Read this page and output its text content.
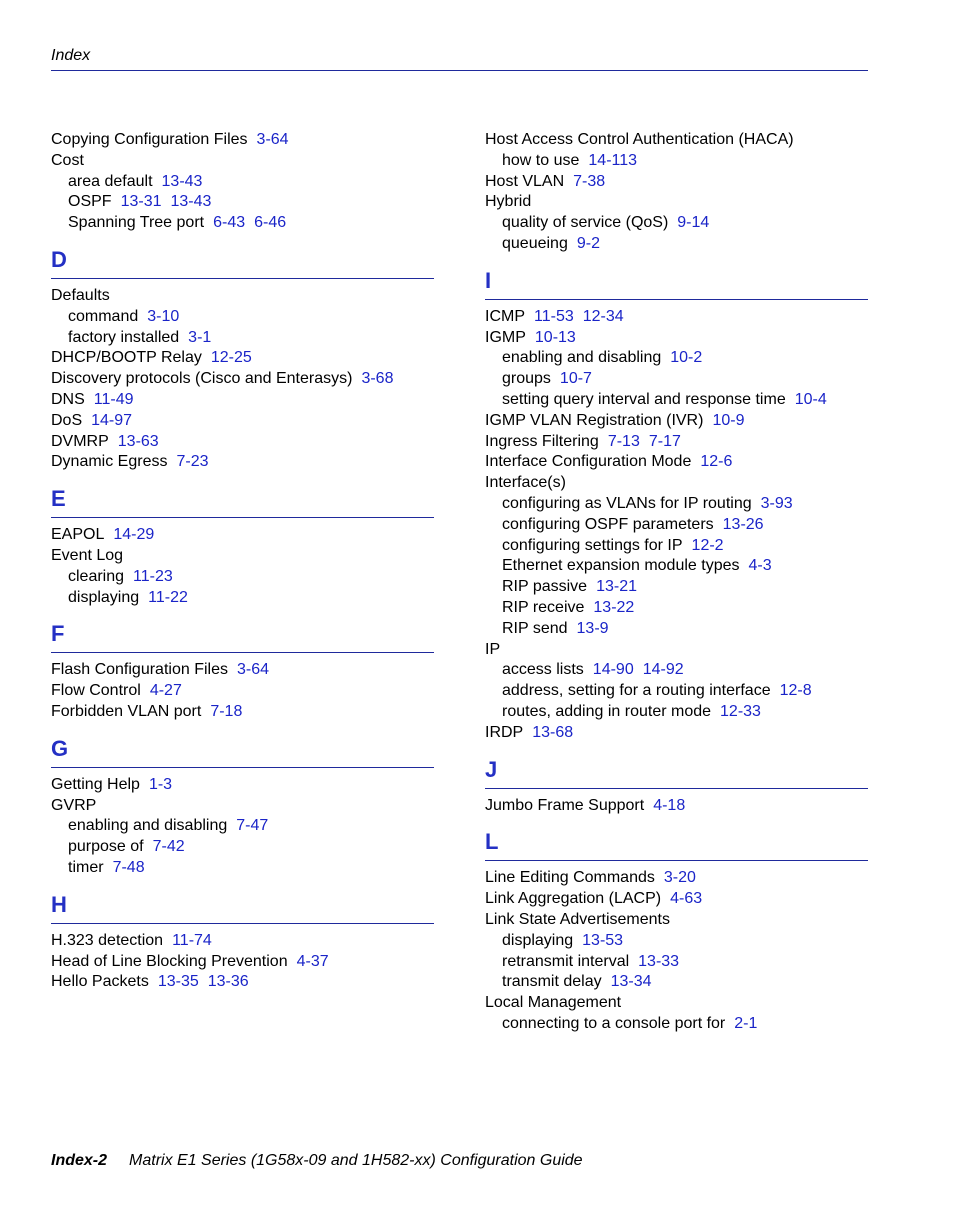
Index
Copying Configuration Files 3-64
Cost
area default 13-43
OSPF 13-31 13-43
Spanning Tree port 6-43 6-46
D
Defaults
command 3-10
factory installed 3-1
DHCP/BOOTP Relay 12-25
Discovery protocols (Cisco and Enterasys) 3-68
DNS 11-49
DoS 14-97
DVMRP 13-63
Dynamic Egress 7-23
E
EAPOL 14-29
Event Log
clearing 11-23
displaying 11-22
F
Flash Configuration Files 3-64
Flow Control 4-27
Forbidden VLAN port 7-18
G
Getting Help 1-3
GVRP
enabling and disabling 7-47
purpose of 7-42
timer 7-48
H
H.323 detection 11-74
Head of Line Blocking Prevention 4-37
Hello Packets 13-35 13-36
Host Access Control Authentication (HACA)
how to use 14-113
Host VLAN 7-38
Hybrid
quality of service (QoS) 9-14
queueing 9-2
I
ICMP 11-53 12-34
IGMP 10-13
enabling and disabling 10-2
groups 10-7
setting query interval and response time 10-4
IGMP VLAN Registration (IVR) 10-9
Ingress Filtering 7-13 7-17
Interface Configuration Mode 12-6
Interface(s)
configuring as VLANs for IP routing 3-93
configuring OSPF parameters 13-26
configuring settings for IP 12-2
Ethernet expansion module types 4-3
RIP passive 13-21
RIP receive 13-22
RIP send 13-9
IP
access lists 14-90 14-92
address, setting for a routing interface 12-8
routes, adding in router mode 12-33
IRDP 13-68
J
Jumbo Frame Support 4-18
L
Line Editing Commands 3-20
Link Aggregation (LACP) 4-63
Link State Advertisements
displaying 13-53
retransmit interval 13-33
transmit delay 13-34
Local Management
connecting to a console port for 2-1
Index-2 Matrix E1 Series (1G58x-09 and 1H582-xx) Configuration Guide
